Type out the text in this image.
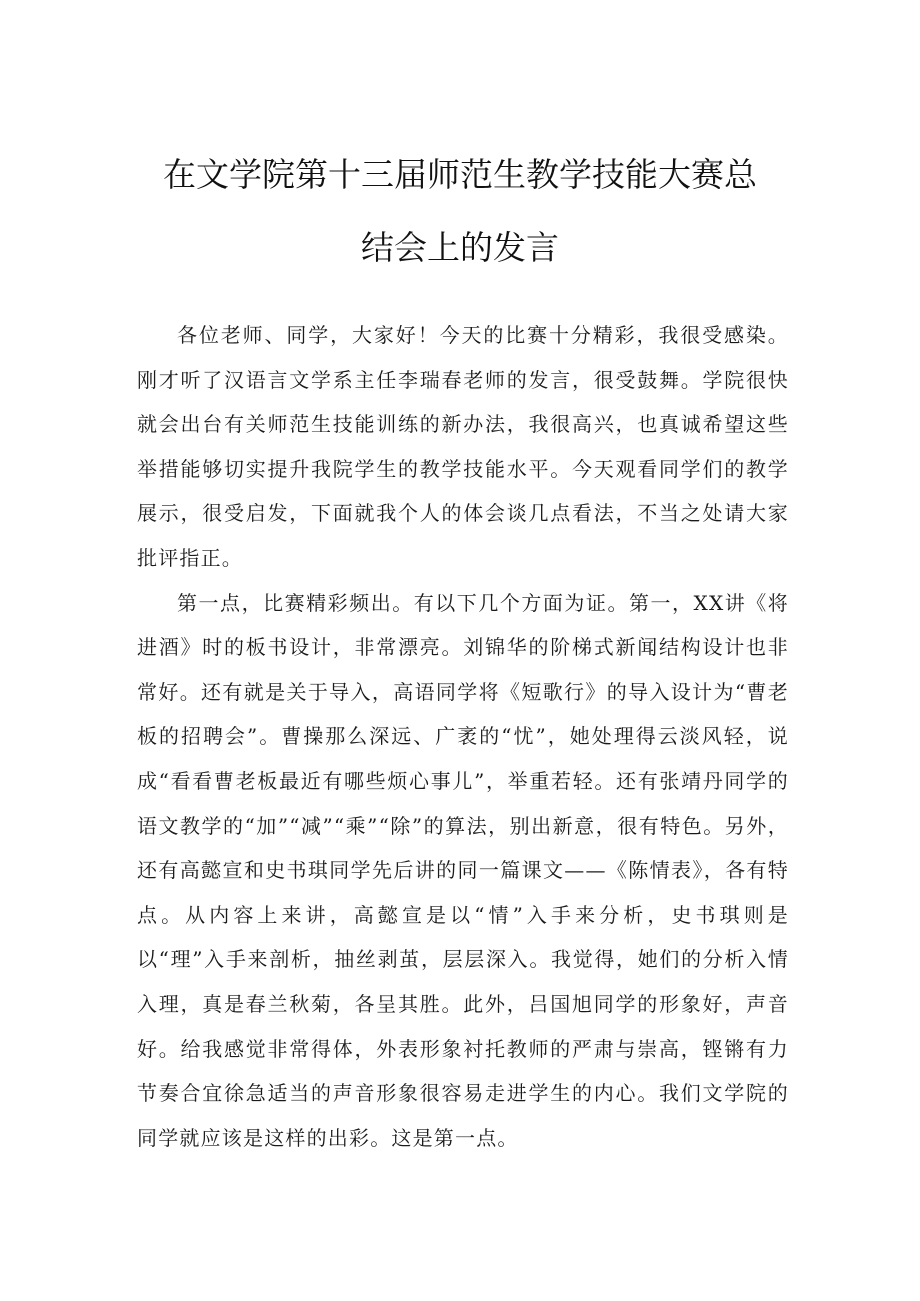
在文学院第十三届师范生教学技能大赛总
结会上的发言

各位老师、同学，大家好！今天的比赛十分精彩，我很受感染。刚才听了汉语言文学系主任李瑞春老师的发言，很受鼓舞。学院很快就会出台有关师范生技能训练的新办法，我很高兴，也真诚希望这些举措能够切实提升我院学生的教学技能水平。今天观看同学们的教学展示，很受启发，下面就我个人的体会谈几点看法，不当之处请大家批评指正。

第一点，比赛精彩频出。有以下几个方面为证。第一，XX讲《将进酒》时的板书设计，非常漂亮。刘锦华的阶梯式新闻结构设计也非常好。还有就是关于导入，高语同学将《短歌行》的导入设计为“曹老板的招聘会”。曹操那么深远、广袤的“忧”，她处理得云淡风轻，说成“看看曹老板最近有哪些烦心事儿”，举重若轻。还有张靖丹同学的语文教学的“加”“减”“乘”“除”的算法，别出新意，很有特色。另外，还有高懿宣和史书琪同学先后讲的同一篇课文——《陈情表》，各有特点。从内容上来讲，高懿宣是以“情”入手来分析，史书琪则是以“理”入手来剖析，抽丝剥茧，层层深入。我觉得，她们的分析入情入理，真是春兰秋菊，各呈其胜。此外，吕国旭同学的形象好，声音好。给我感觉非常得体，外表形象衬托教师的严肃与崇高，铿锵有力节奏合宜徐急适当的声音形象很容易走进学生的内心。我们文学院的同学就应该是这样的出彩。这是第一点。
